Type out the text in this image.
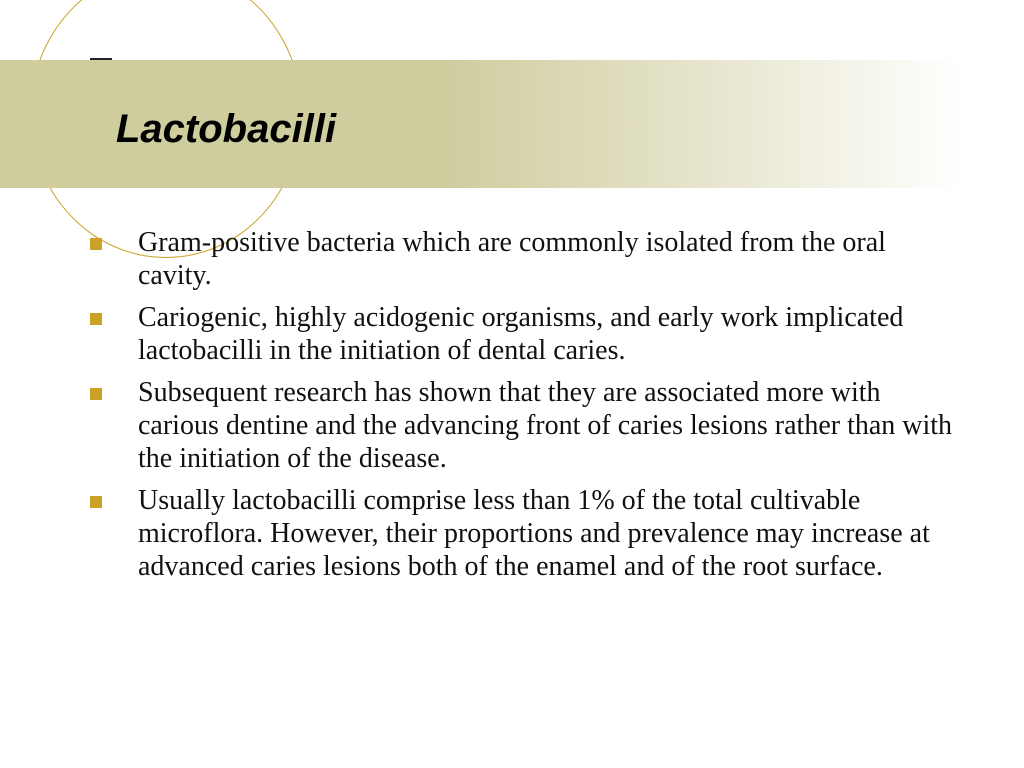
Lactobacilli
Gram-positive bacteria which are commonly isolated from the oral cavity.
Cariogenic, highly acidogenic organisms, and early work implicated lactobacilli in the initiation of dental caries.
Subsequent research has shown that they are associated more with carious dentine and the advancing front of caries lesions rather than with the initiation of the disease.
Usually lactobacilli comprise less than 1% of the total cultivable microflora. However, their proportions and prevalence may increase at advanced caries lesions both of the enamel and of the root surface.
